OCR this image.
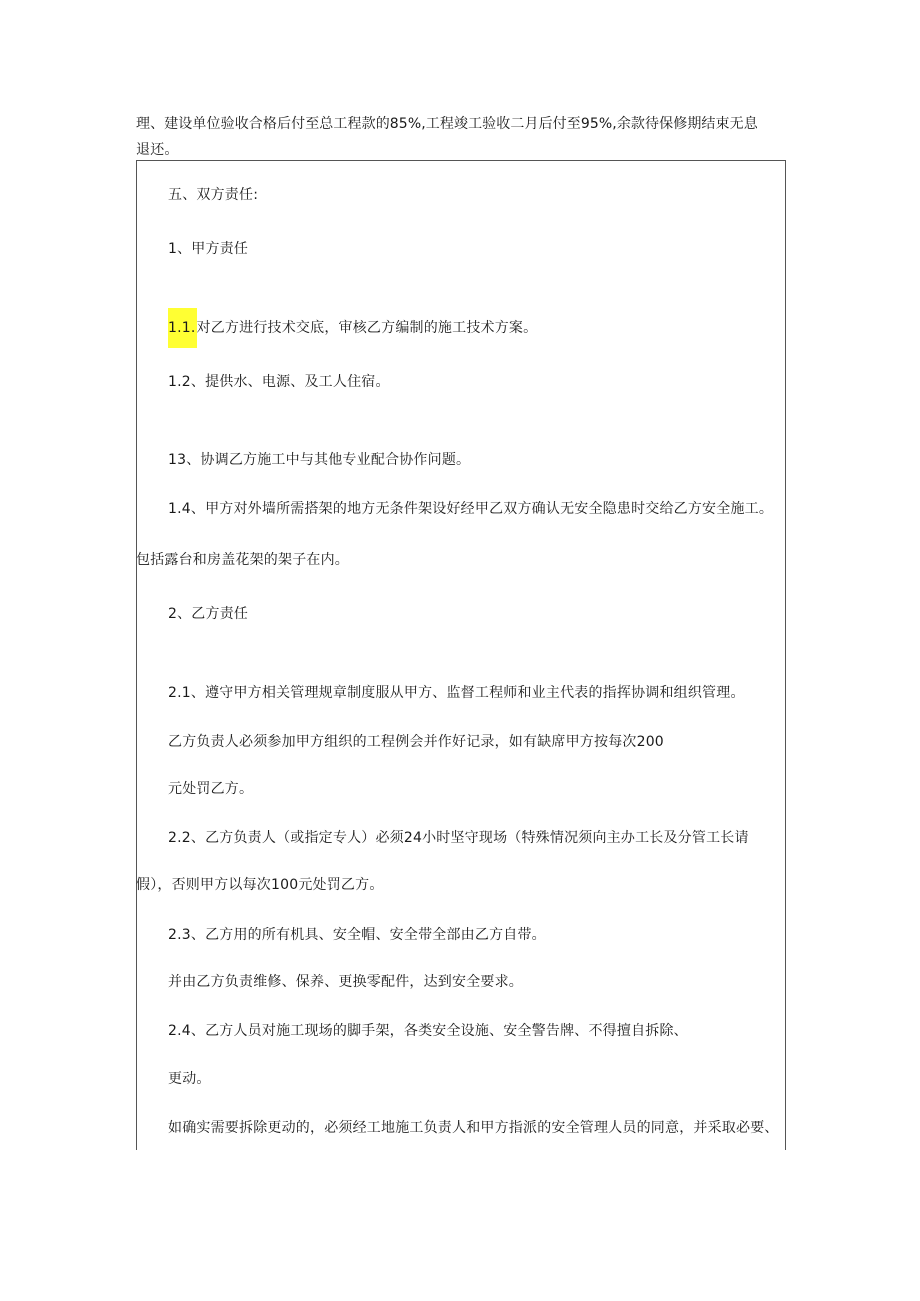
理、建设单位验收合格后付至总工程款的85%,工程竣工验收二月后付至95%,余款待保修期结束无息
退还。
五、双方责任:
1、甲方责任
1.1.对乙方进行技术交底，审核乙方编制的施工技术方案。
1.2、提供水、电源、及工人住宿。
13、协调乙方施工中与其他专业配合协作问题。
1.4、甲方对外墙所需搭架的地方无条件架设好经甲乙双方确认无安全隐患时交给乙方安全施工。
包括露台和房盖花架的架子在内。
2、乙方责任
2.1、遵守甲方相关管理规章制度服从甲方、监督工程师和业主代表的指挥协调和组织管理。
乙方负责人必须参加甲方组织的工程例会并作好记录，如有缺席甲方按每次200
元处罚乙方。
2.2、乙方负责人（或指定专人）必须24小时坚守现场（特殊情况须向主办工长及分管工长请
假），否则甲方以每次100元处罚乙方。
2.3、乙方用的所有机具、安全帽、安全带全部由乙方自带。
并由乙方负责维修、保养、更换零配件，达到安全要求。
2.4、乙方人员对施工现场的脚手架，各类安全设施、安全警告牌、不得擅自拆除、
更动。
如确实需要拆除更动的，必须经工地施工负责人和甲方指派的安全管理人员的同意，并采取必要、
